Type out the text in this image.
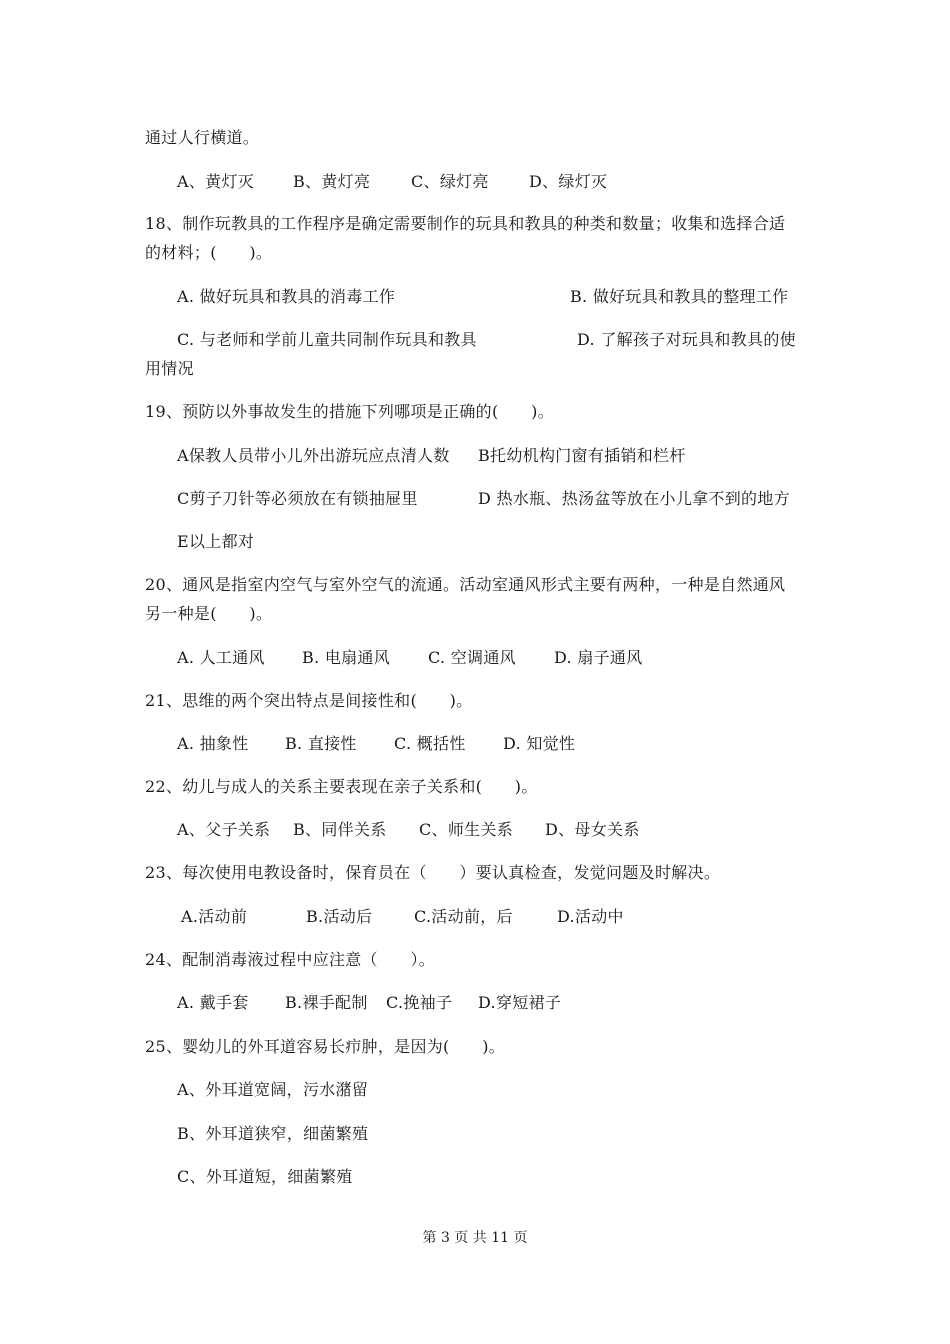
通过人行横道。
A、黄灯灭 B、黄灯亮	C、绿灯亮	D、绿灯灭
18、制作玩教具的工作程序是确定需要制作的玩具和教具的种类和数量；收集和选择合适
的材料；(　　)。
A. 做好玩具和教具的消毒工作	B. 做好玩具和教具的整理工作
C. 与老师和学前儿童共同制作玩具和教具	D. 了解孩子对玩具和教具的使
用情况
19、预防以外事故发生的措施下列哪项是正确的(　　)。
A保教人员带小儿外出游玩应点清人数 B托幼机构门窗有插销和栏杆
C剪子刀针等必须放在有锁抽屉里	D 热水瓶、热汤盆等放在小儿拿不到的地方
E以上都对
20、通风是指室内空气与室外空气的流通。活动室通风形式主要有两种，一种是自然通风
另一种是(　　)。
A. 人工通风 B. 电扇通风 C. 空调通风 D. 扇子通风
21、思维的两个突出特点是间接性和(　　)。
A. 抽象性 B. 直接性 C. 概括性 D. 知觉性
22、幼儿与成人的关系主要表现在亲子关系和(　　)。
A、父子关系 B、同伴关系 C、师生关系 D、母女关系
23、每次使用电教设备时，保育员在（　　）要认真检查，发觉问题及时解决。
A.活动前	B.活动后	C.活动前，后	D.活动中
24、配制消毒液过程中应注意（　　）。
A. 戴手套 B.裸手配制 C.挽袖子 D.穿短裙子
25、婴幼儿的外耳道容易长疖肿，是因为(　　)。
A、外耳道宽阔，污水潴留
B、外耳道狭窄，细菌繁殖
C、外耳道短，细菌繁殖
第 3 页 共 11 页
